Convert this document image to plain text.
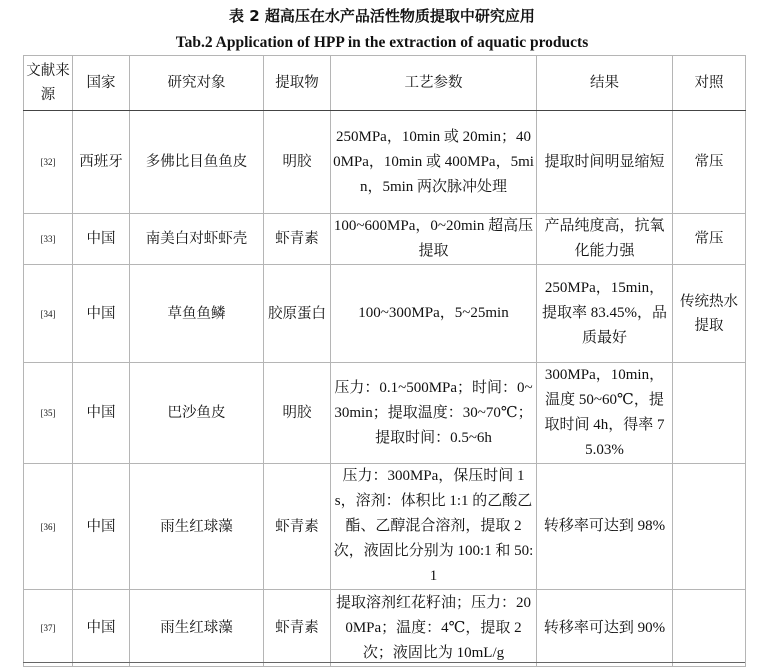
表 2 超高压在水产品活性物质提取中研究应用
Tab.2 Application of HPP in the extraction of aquatic products
文献来源	国家	研究对象	提取物	工艺参数	结果	对照

[32]	西班牙	多佛比目鱼鱼皮	明胶	250MPa，10min 或 20min；400MPa，10min 或 400MPa，5min，5min 两次脉冲处理	提取时间明显缩短	常压
[33]	中国	南美白对虾虾壳	虾青素	100~600MPa，0~20min 超高压提取	产品纯度高，抗氧化能力强	常压
[34]	中国	草鱼鱼鳞	胶原蛋白	100~300MPa，5~25min	250MPa，15min，提取率 83.45%，品质最好	传统热水提取
[35]	中国	巴沙鱼皮	明胶	压力：0.1~500MPa；时间：0~30min；提取温度：30~70℃；提取时间：0.5~6h	300MPa，10min，温度 50~60℃，提取时间 4h，得率 75.03%	
[36]	中国	雨生红球藻	虾青素	压力：300MPa，保压时间 1s，溶剂：体积比 1:1 的乙酸乙酯、乙醇混合溶剂，提取 2 次，液固比分别为 100:1 和 50:1	转移率可达到 98%	
[37]	中国	雨生红球藻	虾青素	提取溶剂红花籽油；压力：200MPa；温度：4℃，提取 2 次；液固比为 10mL/g	转移率可达到 90%	
